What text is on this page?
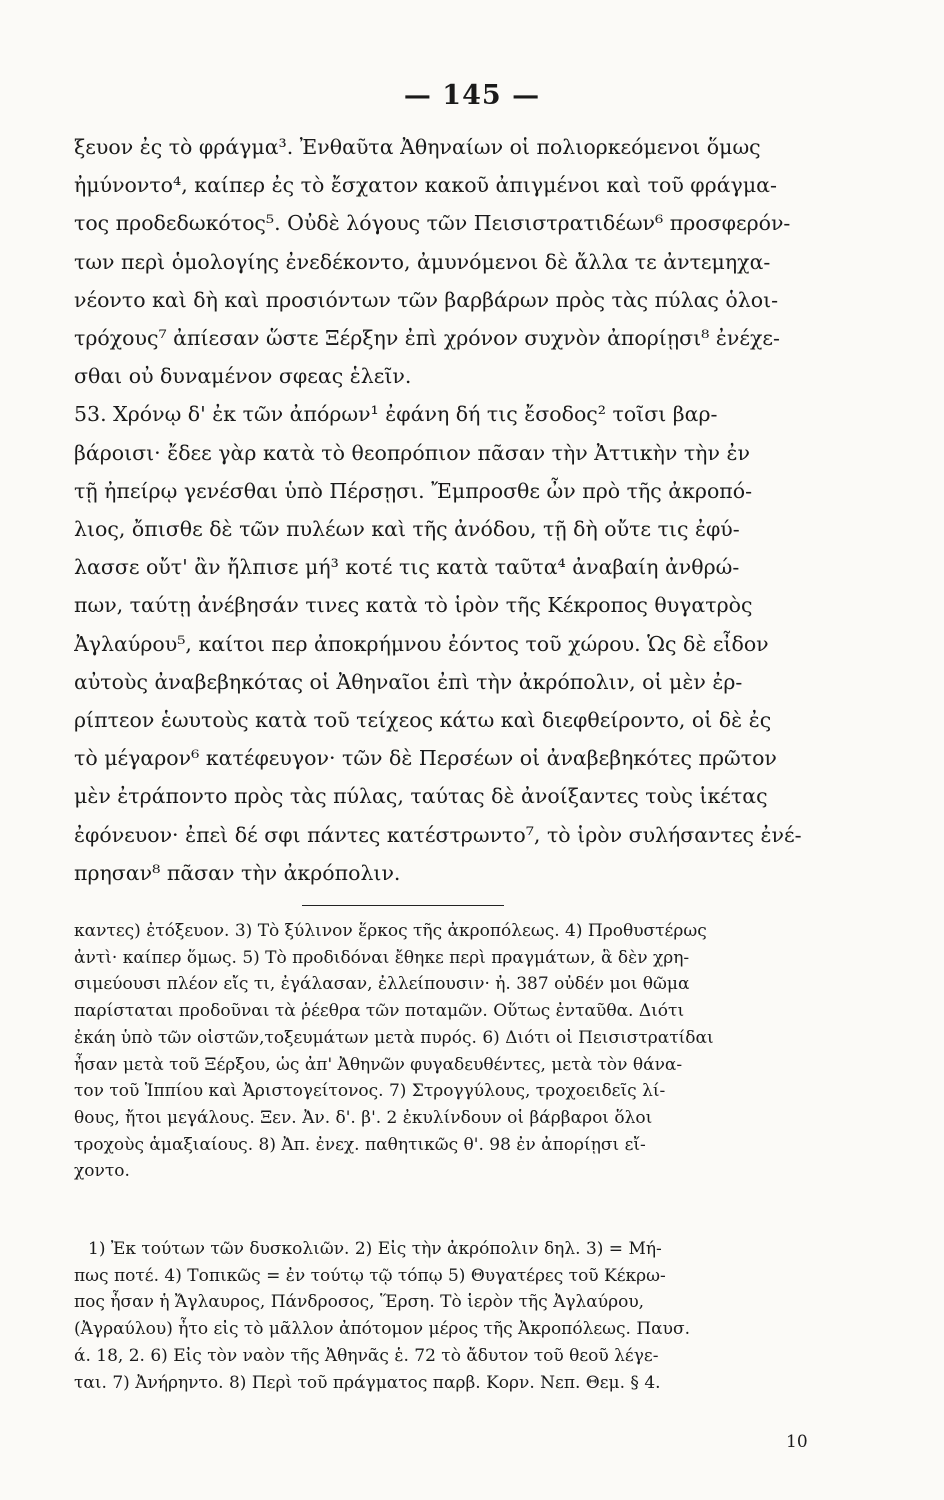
— 145 —
ξευον ἐς τὸ φράγμα³. Ἐνθαῦτα Ἀθηναίων οἱ πολιορκεόμενοι ὅμως
ἠμύνοντο⁴, καίπερ ἐς τὸ ἔσχατον κακοῦ ἀπιγμένοι καὶ τοῦ φράγμα-
τος προδεδωκότος⁵. Οὐδὲ λόγους τῶν Πεισιστρατιδέων⁶ προσφερόν-
των περὶ ὁμολογίης ἐνεδέκοντο, ἀμυνόμενοι δὲ ἄλλα τε ἀντεμηχα-
νέοντο καὶ δὴ καὶ προσιόντων τῶν βαρβάρων πρὸς τὰς πύλας ὁλοι-
τρόχους⁷ ἀπίεσαν ὥστε Ξέρξην ἐπὶ χρόνον συχνὸν ἀπορίῃσι⁸ ἐνέχε-
σθαι οὐ δυναμένον σφεας ἑλεῖν.
53. Χρόνῳ δ' ἐκ τῶν ἀπόρων¹ ἐφάνη δή τις ἔσοδος² τοῖσι βαρ-
βάροισι· ἔδεε γὰρ κατὰ τὸ θεοπρόπιον πᾶσαν τὴν Ἀττικὴν τὴν ἐν
τῇ ἠπείρῳ γενέσθαι ὑπὸ Πέρσῃσι. Ἔμπροσθε ὦν πρὸ τῆς ἀκροπό-
λιος, ὄπισθε δὲ τῶν πυλέων καὶ τῆς ἀνόδου, τῇ δὴ οὔτε τις ἐφύ-
λασσε οὔτ' ἂν ἤλπισε μή³ κοτέ τις κατὰ ταῦτα⁴ ἀναβαίη ἀνθρώ-
πων, ταύτῃ ἀνέβησάν τινες κατὰ τὸ ἱρὸν τῆς Κέκροπος θυγατρὸς
Ἀγλαύρου⁵, καίτοι περ ἀποκρήμνου ἐόντος τοῦ χώρου. Ὡς δὲ εἶδον
αὐτοὺς ἀναβεβηκότας οἱ Ἀθηναῖοι ἐπὶ τὴν ἀκρόπολιν, οἱ μὲν ἐρ-
ρίπτεον ἑωυτοὺς κατὰ τοῦ τείχεος κάτω καὶ διεφθείροντο, οἱ δὲ ἐς
τὸ μέγαρον⁶ κατέφευγον· τῶν δὲ Περσέων οἱ ἀναβεβηκότες πρῶτον
μὲν ἐτράποντο πρὸς τὰς πύλας, ταύτας δὲ ἀνοίξαντες τοὺς ἱκέτας
ἐφόνευον· ἐπεὶ δέ σφι πάντες κατέστρωντο⁷, τὸ ἱρὸν συλήσαντες ἐνέ-
πρησαν⁸ πᾶσαν τὴν ἀκρόπολιν.
καντες) ἐτόξευον. 3) Τὸ ξύλινον ἕρκος τῆς ἀκροπόλεως. 4) Προθυστέρως
ἀντὶ· καίπερ ὅμως. 5) Τὸ προδιδόναι ἔθηκε περὶ πραγμάτων, ἃ δὲν χρη-
σιμεύουσι πλέον εἴς τι, ἐγάλασαν, ἐλλείπουσιν· ἠ. 387 οὐδέν μοι θῶμα
παρίσταται προδοῦναι τὰ ῥέεθρα τῶν ποταμῶν. Οὕτως ἐνταῦθα. Διότι
ἐκάη ὑπὸ τῶν οἰστῶν,τοξευμάτων μετὰ πυρός. 6) Διότι οἱ Πεισιστρατίδαι
ἦσαν μετὰ τοῦ Ξέρξου, ὡς ἀπ' Ἀθηνῶν φυγαδευθέντες, μετὰ τὸν θάνα-
τον τοῦ Ἱππίου καὶ Ἀριστογείτονος. 7) Στρογγύλους, τροχοειδεῖς λί-
θους, ἤτοι μεγάλους. Ξεν. Ἀν. δ'. β'. 2 ἐκυλίνδουν οἱ βάρβαροι ὅλοι
τροχοὺς ἁμαξιαίους. 8) Ἀπ. ἐνεχ. παθητικῶς θ'. 98 ἐν ἀπορίῃσι εἴ-
χοντο.
1) Ἐκ τούτων τῶν δυσκολιῶν. 2) Εἰς τὴν ἀκρόπολιν δηλ. 3) = Μή-
πως ποτέ. 4) Τοπικῶς = ἐν τούτῳ τῷ τόπῳ 5) Θυγατέρες τοῦ Κέκρω-
πος ἦσαν ἡ Ἄγλαυρος, Πάνδροσος, Ἕρση. Τὸ ἱερὸν τῆς Ἀγλαύρου,
(Ἀγραύλου) ἦτο εἰς τὸ μᾶλλον ἀπότομον μέρος τῆς Ἀκροπόλεως. Παυσ.
ά. 18, 2. 6) Εἰς τὸν ναὸν τῆς Ἀθηνᾶς ἑ. 72 τὸ ἄδυτον τοῦ θεοῦ λέγε-
ται. 7) Ἀνήρηντο. 8) Περὶ τοῦ πράγματος παρβ. Κορν. Νεπ. Θεμ. § 4.
10
